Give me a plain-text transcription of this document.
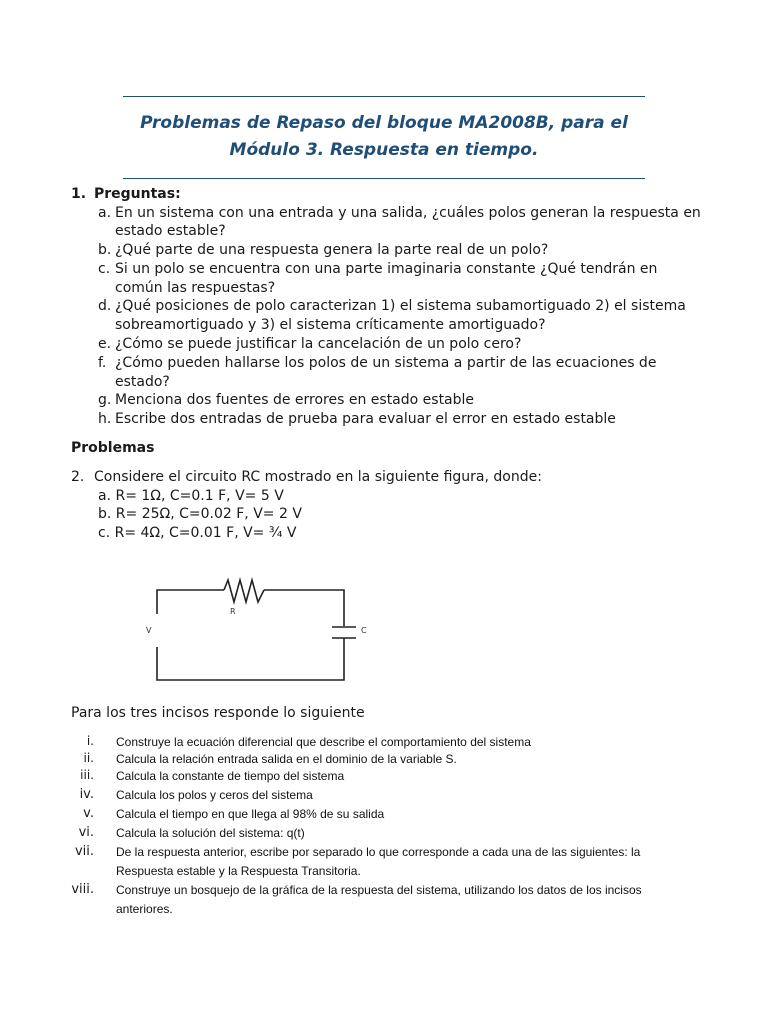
Problemas de Repaso del bloque MA2008B, para el
Módulo 3. Respuesta en tiempo.
1. Preguntas:
a. En un sistema con una entrada y una salida, ¿cuáles polos generan la respuesta en estado estable?
b. ¿Qué parte de una respuesta genera la parte real de un polo?
c. Si un polo se encuentra con una parte imaginaria constante ¿Qué tendrán en común las respuestas?
d. ¿Qué posiciones de polo caracterizan 1) el sistema subamortiguado 2) el sistema sobreamortiguado y 3) el sistema críticamente amortiguado?
e. ¿Cómo se puede justificar la cancelación de un polo cero?
f. ¿Cómo pueden hallarse los polos de un sistema a partir de las ecuaciones de estado?
g. Menciona dos fuentes de errores en estado estable
h. Escribe dos entradas de prueba para evaluar el error en estado estable
Problemas
2. Considere el circuito RC mostrado en la siguiente figura, donde:
a. R= 1Ω, C=0.1 F, V= 5 V
b. R= 25Ω, C=0.02 F, V= 2 V
c. R= 4Ω, C=0.01 F, V= ¾ V
R
C
V
Para los tres incisos responde lo siguiente
i. Construye la ecuación diferencial que describe el comportamiento del sistema
ii. Calcula la relación entrada salida en el dominio de la variable S.
iii. Calcula la constante de tiempo del sistema
iv. Calcula los polos y ceros del sistema
v. Calcula el tiempo en que llega al 98% de su salida
vi. Calcula la solución del sistema: q(t)
vii. De la respuesta anterior, escribe por separado lo que corresponde a cada una de las siguientes: la Respuesta estable y la Respuesta Transitoria.
viii. Construye un bosquejo de la gráfica de la respuesta del sistema, utilizando los datos de los incisos anteriores.
